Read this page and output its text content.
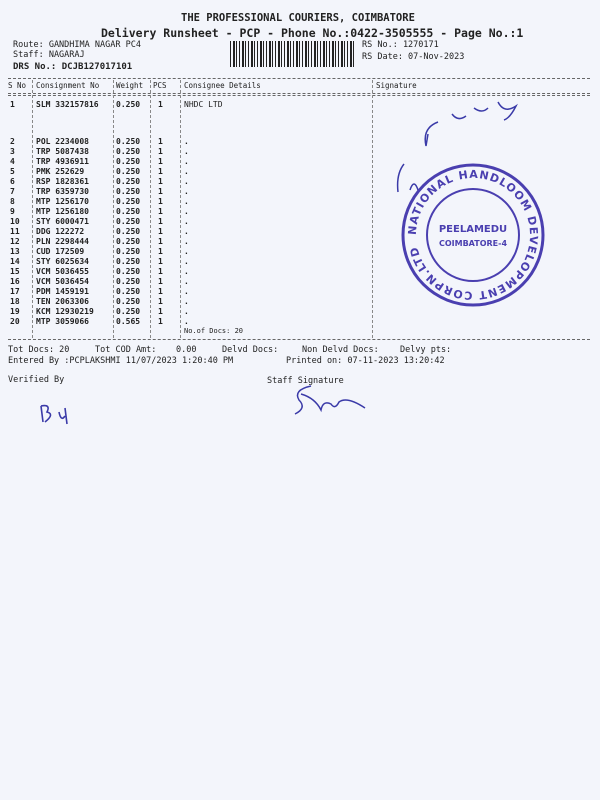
THE PROFESSIONAL COURIERS, COIMBATORE
Delivery Runsheet - PCP - Phone No.:0422-3505555 - Page No.:1
Route: GANDHIMA NAGAR PC4
Staff: NAGARAJ
DRS No.: DCJB127017101
RS No.: 1270171
RS Date: 07-Nov-2023
S No Consignment No Weight PCS Consignee Details	Signature
1	SLM 332157816 0.250 1	NHDC LTD
2	POL 2234008	0.250 1	.
3	TRP 5087438	0.250 1	.
4	TRP 4936911	0.250 1	.
5	PMK 252629	0.250 1	.
6	RSP 1828361	0.250 1	.
7	TRP 6359730	0.250 1	.
8	MTP 1256170	0.250 1	.
9	MTP 1256180	0.250 1	.
10 STY 6000471	0.250 1	.
11 DDG 122272	0.250 1	.
12 PLN 2298444	0.250 1	.
13 CUD 172509	0.250 1	.
14 STY 6025634	0.250 1	.
15 VCM 5036455	0.250 1	.
16 VCM 5036454	0.250 1	.
17 PDM 1459191	0.250 1	.
18 TEN 2063306	0.250 1	.
19 KCM 12930219	0.250 1	.
20 MTP 3059066	0.565 1	.
No.of Docs: 20
Tot Docs: 20	Tot COD Amt: 0.00	Delvd Docs:	Non Delvd Docs: Delvy pts:
Entered By :PCPLAKSHMI 11/07/2023 1:20:40 PM	Printed on: 07-11-2023 13:20:42
Verified By	Staff Signature
NATIONAL HANDLOOM DEVELOPMENT CORPN.LTD
PEELAMEDU
COIMBATORE-4
